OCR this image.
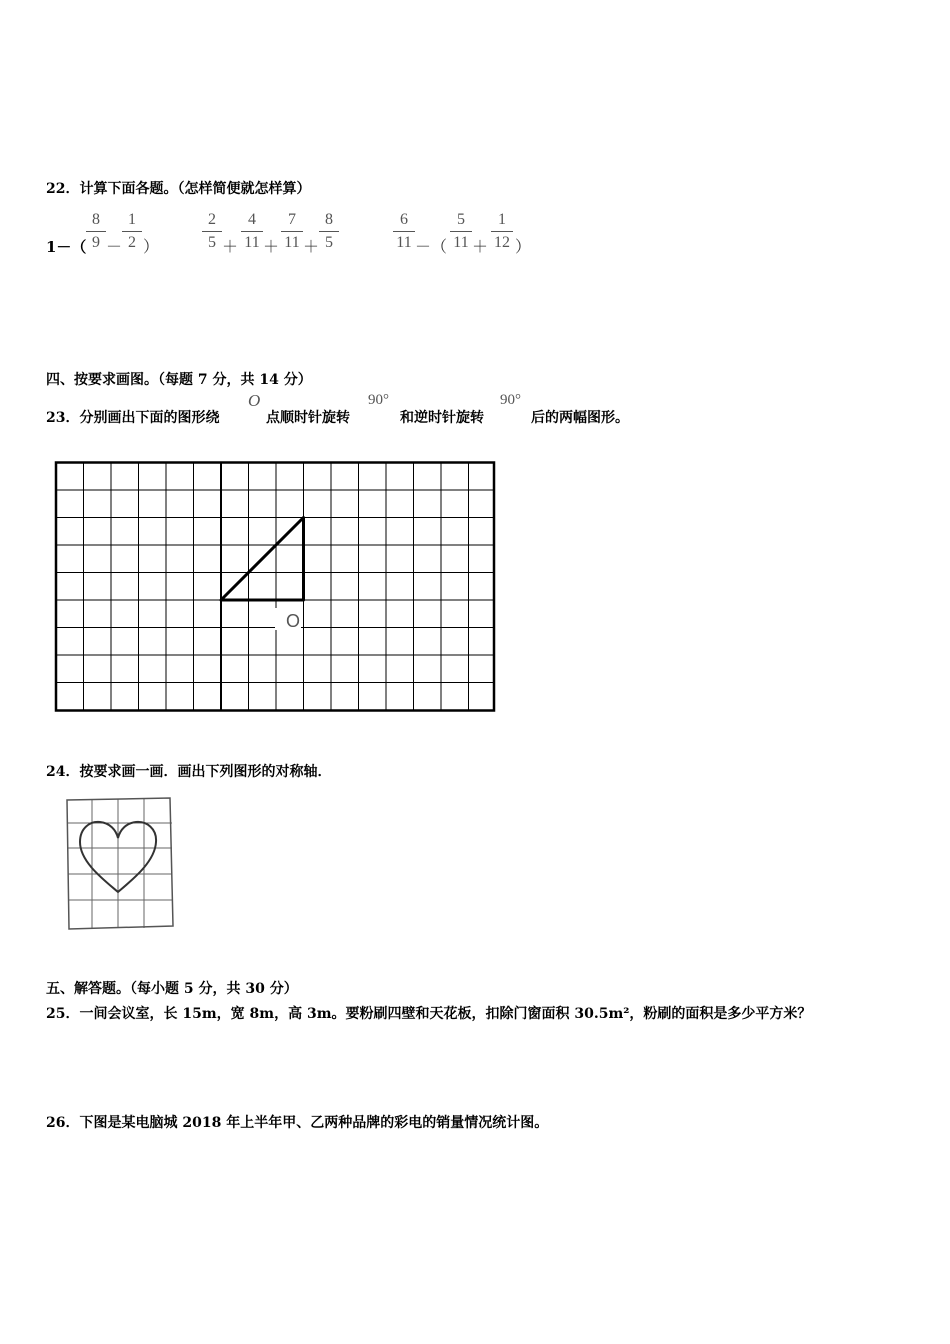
22．计算下面各题。（怎样简便就怎样算）
1－（
8
9 －
1
2 ）
2
5 ＋
4
11 ＋
7
11 ＋
8
5
6
11 －（
5
11 ＋
1
12 ）
四、按要求画图。（每题 7 分，共 14 分）
23．分别画出下面的图形绕
O
点顺时针旋转
90°
和逆时针旋转
90°
后的两幅图形。
O
24．按要求画一画．画出下列图形的对称轴．
五、解答题。（每小题 5 分，共 30 分）
25．一间会议室，长 15m，宽 8m，高 3m。要粉刷四壁和天花板，扣除门窗面积 30.5m²，粉刷的面积是多少平方米？
26．下图是某电脑城 2018 年上半年甲、乙两种品牌的彩电的销量情况统计图。
